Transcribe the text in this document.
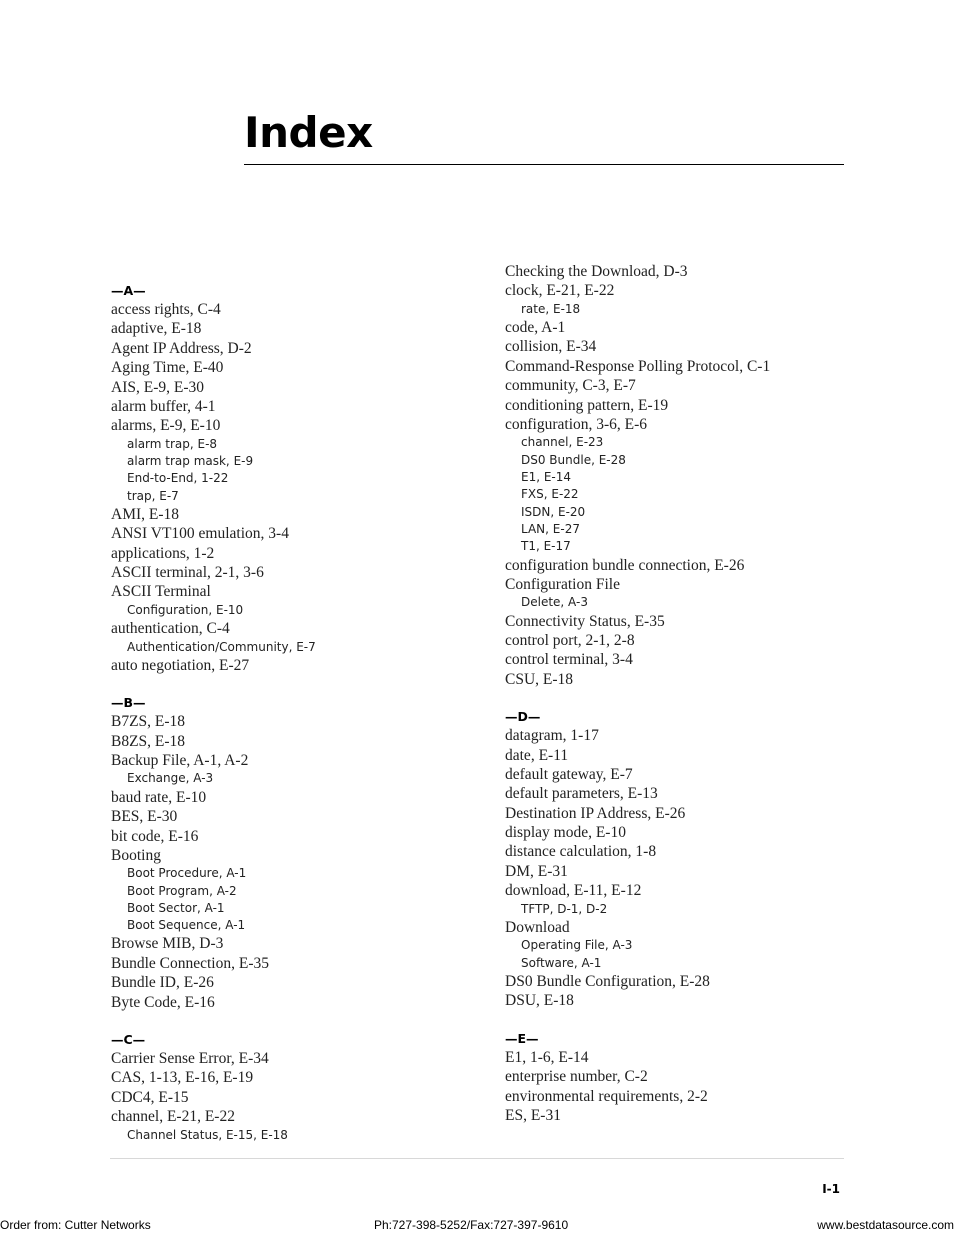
Index
—A—
access rights, C-4
adaptive, E-18
Agent IP Address, D-2
Aging Time, E-40
AIS, E-9, E-30
alarm buffer, 4-1
alarms, E-9, E-10
alarm trap, E-8
alarm trap mask, E-9
End-to-End, 1-22
trap, E-7
AMI, E-18
ANSI VT100 emulation, 3-4
applications, 1-2
ASCII terminal, 2-1, 3-6
ASCII Terminal
Configuration, E-10
authentication, C-4
Authentication/Community, E-7
auto negotiation, E-27
—B—
B7ZS, E-18
B8ZS, E-18
Backup File, A-1, A-2
Exchange, A-3
baud rate, E-10
BES, E-30
bit code, E-16
Booting
Boot Procedure, A-1
Boot Program, A-2
Boot Sector, A-1
Boot Sequence, A-1
Browse MIB, D-3
Bundle Connection, E-35
Bundle ID, E-26
Byte Code, E-16
—C—
Carrier Sense Error, E-34
CAS, 1-13, E-16, E-19
CDC4, E-15
channel, E-21, E-22
Channel Status, E-15, E-18
Checking the Download, D-3
clock, E-21, E-22
rate, E-18
code, A-1
collision, E-34
Command-Response Polling Protocol, C-1
community, C-3, E-7
conditioning pattern, E-19
configuration, 3-6, E-6
channel, E-23
DS0 Bundle, E-28
E1, E-14
FXS, E-22
ISDN, E-20
LAN, E-27
T1, E-17
configuration bundle connection, E-26
Configuration File
Delete, A-3
Connectivity Status, E-35
control port, 2-1, 2-8
control terminal, 3-4
CSU, E-18
—D—
datagram, 1-17
date, E-11
default gateway, E-7
default parameters, E-13
Destination IP Address, E-26
display mode, E-10
distance calculation, 1-8
DM, E-31
download, E-11, E-12
TFTP, D-1, D-2
Download
Operating File, A-3
Software, A-1
DS0 Bundle Configuration, E-28
DSU, E-18
—E—
E1, 1-6, E-14
enterprise number, C-2
environmental requirements, 2-2
ES, E-31
I-1
Order from: Cutter Networks	Ph:727-398-5252/Fax:727-397-9610	www.bestdatasource.com
